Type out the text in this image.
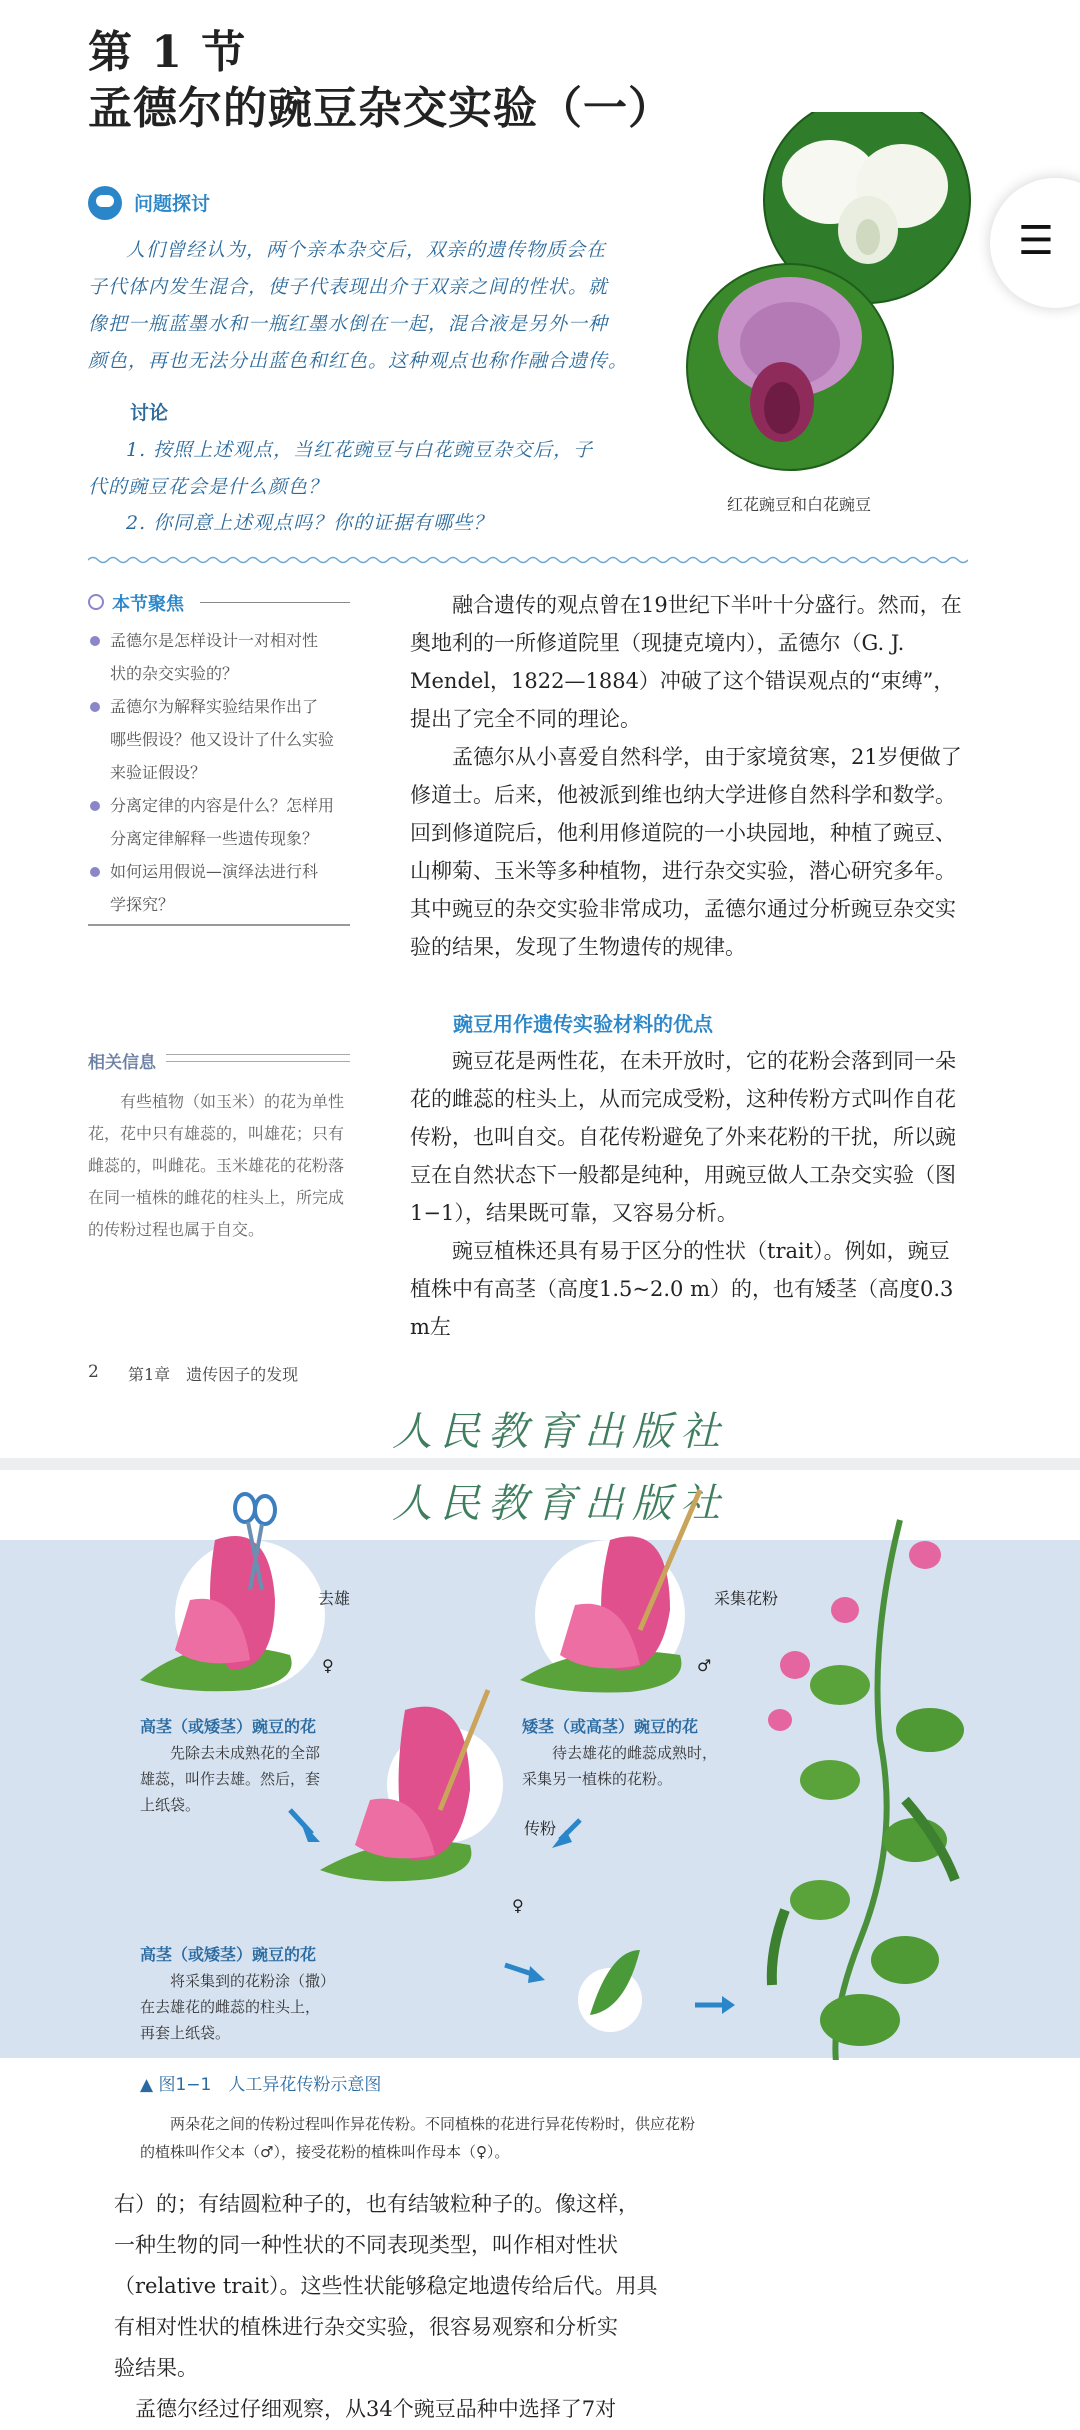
第 1 节
孟德尔的豌豆杂交实验（一）
☰
问题探讨
人们曾经认为，两个亲本杂交后，双亲的遗传物质会在
子代体内发生混合，使子代表现出介于双亲之间的性状。就
像把一瓶蓝墨水和一瓶红墨水倒在一起，混合液是另外一种
颜色，再也无法分出蓝色和红色。这种观点也称作融合遗传。
讨论
1. 按照上述观点，当红花豌豆与白花豌豆杂交后，子
代的豌豆花会是什么颜色？
2. 你同意上述观点吗？你的证据有哪些？
红花豌豆和白花豌豆
本节聚焦
孟德尔是怎样设计一对相对性
状的杂交实验的？
孟德尔为解释实验结果作出了
哪些假设？他又设计了什么实验
来验证假设？
分离定律的内容是什么？怎样用
分离定律解释一些遗传现象？
如何运用假说—演绎法进行科
学探究？

融合遗传的观点曾在19世纪下半叶十分盛行。然而，在奥地利的一所修道院里（现捷克境内），孟德尔（G. J. Mendel，1822—1884）冲破了这个错误观点的“束缚”，提出了完全不同的理论。

孟德尔从小喜爱自然科学，由于家境贫寒，21岁便做了修道士。后来，他被派到维也纳大学进修自然科学和数学。回到修道院后，他利用修道院的一小块园地，种植了豌豆、山柳菊、玉米等多种植物，进行杂交实验，潜心研究多年。其中豌豆的杂交实验非常成功，孟德尔通过分析豌豆杂交实验的结果，发现了生物遗传的规律。

豌豆用作遗传实验材料的优点

豌豆花是两性花，在未开放时，它的花粉会落到同一朵花的雌蕊的柱头上，从而完成受粉，这种传粉方式叫作自花传粉，也叫自交。自花传粉避免了外来花粉的干扰，所以豌豆在自然状态下一般都是纯种，用豌豆做人工杂交实验（图1−1），结果既可靠，又容易分析。

豌豆植株还具有易于区分的性状（trait）。例如，豌豆植株中有高茎（高度1.5~2.0 m）的，也有矮茎（高度0.3 m左

相关信息

有些植物（如玉米）的花为单性花，花中只有雄蕊的，叫雄花；只有雌蕊的，叫雌花。玉米雄花的花粉落在同一植株的雌花的柱头上，所完成的传粉过程也属于自交。

2 第1章　遗传因子的发现
人民教育出版社
人民教育出版社
去雄
♀
采集花粉
♂
传粉
♀
高茎（或矮茎）豌豆的花
先除去未成熟花的全部
雄蕊，叫作去雄。然后，套
上纸袋。
矮茎（或高茎）豌豆的花
待去雄花的雌蕊成熟时，
采集另一植株的花粉。
高茎（或矮茎）豌豆的花
将采集到的花粉涂（撒）
在去雄花的雌蕊的柱头上，
再套上纸袋。
▲ 图1−1　人工异花传粉示意图
两朵花之间的传粉过程叫作异花传粉。不同植株的花进行异花传粉时，供应花粉的植株叫作父本（♂），接受花粉的植株叫作母本（♀）。

右）的；有结圆粒种子的，也有结皱粒种子的。像这样，

一种生物的同一种性状的不同表现类型，叫作相对性状

（relative trait）。这些性状能够稳定地遗传给后代。用具

有相对性状的植株进行杂交实验，很容易观察和分析实

验结果。

　孟德尔经过仔细观察，从34个豌豆品种中选择了7对
